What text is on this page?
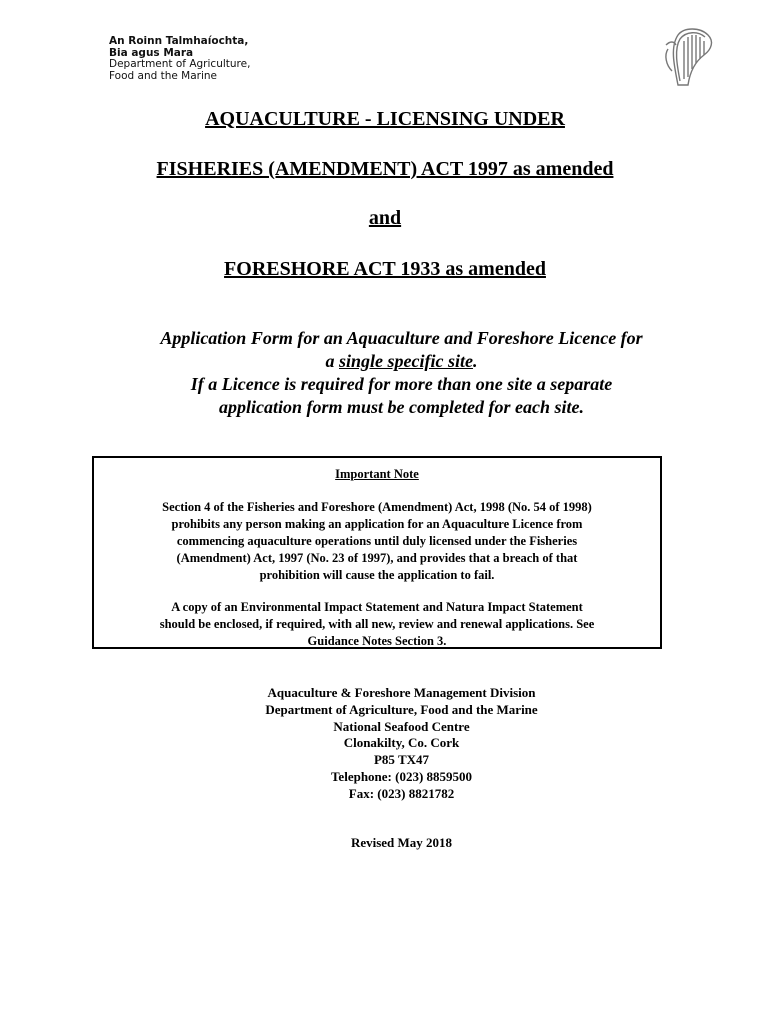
An Roinn Talmhaíochta,
Bia agus Mara
Department of Agriculture,
Food and the Marine
AQUACULTURE - LICENSING UNDER
FISHERIES (AMENDMENT) ACT 1997 as amended
and
FORESHORE ACT 1933 as amended
Application Form for an Aquaculture and Foreshore Licence for
a single specific site.
If a Licence is required for more than one site a separate
application form must be completed for each site.
Important Note
Section 4 of the Fisheries and Foreshore (Amendment) Act, 1998 (No. 54 of 1998)
prohibits any person making an application for an Aquaculture Licence from
commencing aquaculture operations until duly licensed under the Fisheries
(Amendment) Act, 1997 (No. 23 of 1997), and provides that a breach of that
prohibition will cause the application to fail.
A copy of an Environmental Impact Statement and Natura Impact Statement
should be enclosed, if required, with all new, review and renewal applications. See
Guidance Notes Section 3.
Aquaculture & Foreshore Management Division
Department of Agriculture, Food and the Marine
National Seafood Centre
Clonakilty, Co. Cork
P85 TX47
Telephone: (023) 8859500
Fax: (023) 8821782
Revised May 2018
